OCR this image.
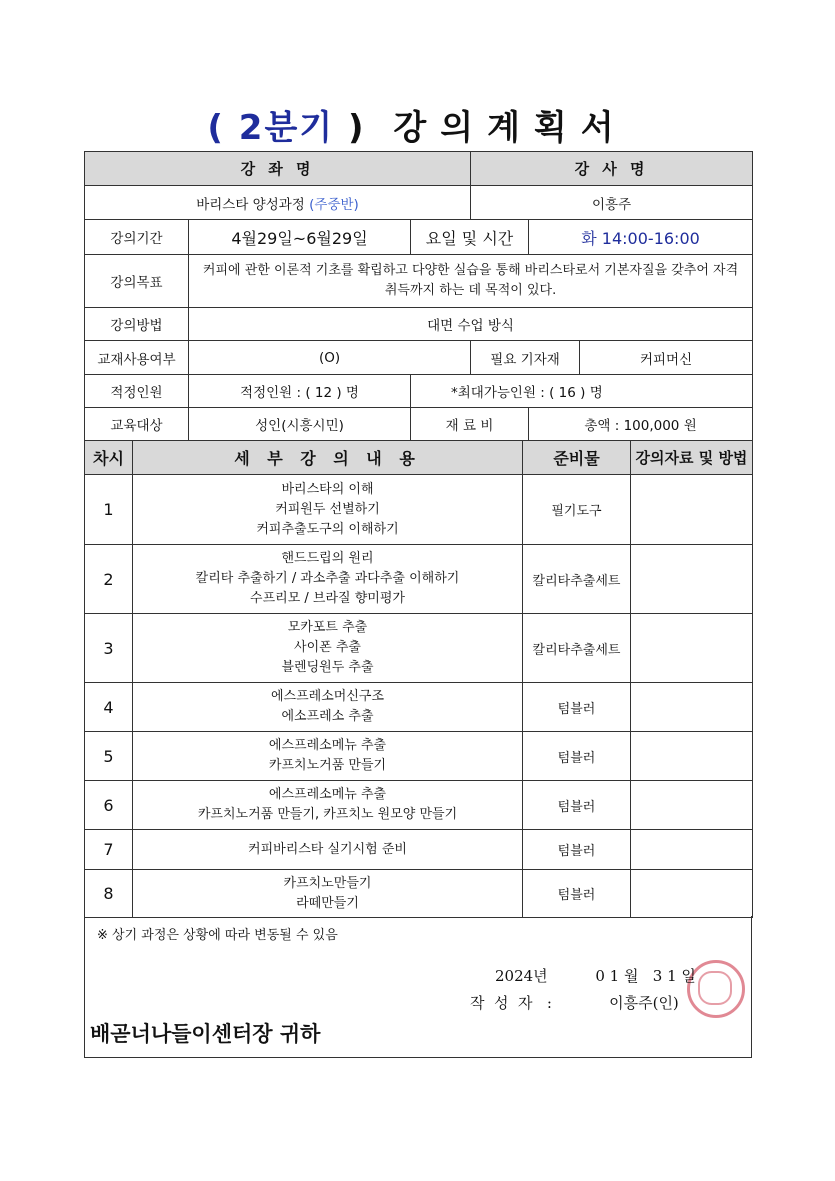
( 2분기 ) 강의계획서
강 좌 명			강 사 명		
바리스타 양성과정 (주중반)			이흥주		
강의기간	4월29일~6월29일	요일 및 시간		화 14:00-16:00	
강의목표	커피에 관한 이론적 기초를 확립하고 다양한 실습을 통해 바리스타로서 기본자질을 갖추어 자격취득까지 하는 데 목적이 있다.				
강의방법	대면 수업 방식				
교재사용여부	(O)		필요 기자재		커피머신
적정인원	적정인원 : ( 12 ) 명	*최대가능인원 : ( 16 ) 명			
교육대상	성인(시흥시민)	재 료 비		총액 : 100,000 원	
차시	세 부 강 의 내 용	준비물	강의자료 및 방법
1	바리스타의 이해
커피원두 선별하기
커피추출도구의 이해하기	필기도구	
2	핸드드립의 원리
칼리타 추출하기 / 과소추출 과다추출 이해하기
수프리모 / 브라질 향미평가	칼리타추출세트	
3	모카포트 추출
사이폰 추출
블렌딩원두 추출	칼리타추출세트	
4	에스프레소머신구조
에소프레소 추출	텀블러	
5	에스프레소메뉴 추출
카프치노거품 만들기	텀블러	
6	에스프레소메뉴 추출
카프치노거품 만들기, 카프치노 원모양 만들기	텀블러	
7	커피바리스타 실기시험 준비	텀블러	
8	카프치노만들기
라떼만들기	텀블러	
※ 상기 과정은 상황에 따라 변동될 수 있음
2024년          0 1 월   3 1 일
작  성  자   :            이흥주(인)
배곧너나들이센터장 귀하
